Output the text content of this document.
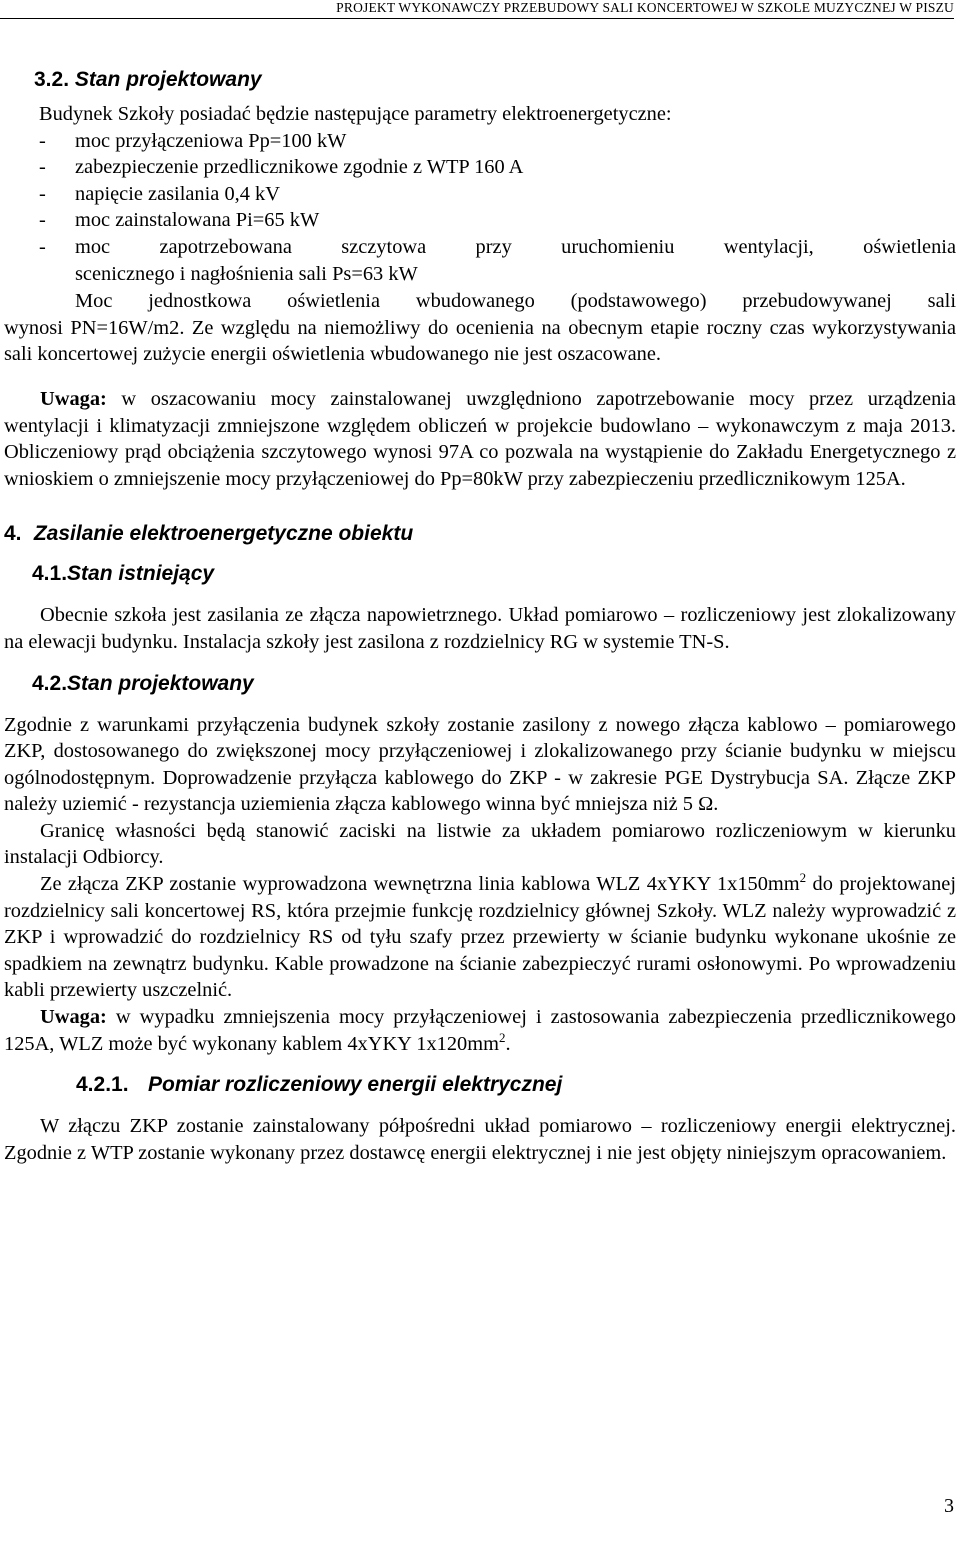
PROJEKT WYKONAWCZY PRZEBUDOWY SALI KONCERTOWEJ W SZKOLE MUZYCZNEJ W PISZU
3.2. Stan projektowany

Budynek Szkoły posiadać będzie następujące parametry elektroenergetyczne:

- moc przyłączeniowa Pp=100 kW
- zabezpieczenie przedlicznikowe zgodnie z WTP 160 A
- napięcie zasilania 0,4 kV
- moc zainstalowana Pi=65 kW
- moc zapotrzebowana szczytowa przy uruchomieniu wentylacji, oświetlenia
scenicznego i nagłośnienia sali Ps=63 kW

Moc jednostkowa oświetlenia wbudowanego (podstawowego) przebudowywanej sali
wynosi PN=16W/m2. Ze względu na niemożliwy do ocenienia na obecnym etapie roczny czas wykorzystywania sali koncertowej zużycie energii oświetlenia wbudowanego nie jest oszacowane.

Uwaga: w oszacowaniu mocy zainstalowanej uwzględniono zapotrzebowanie mocy przez urządzenia wentylacji i klimatyzacji zmniejszone względem obliczeń w projekcie budowlano – wykonawczym z maja 2013. Obliczeniowy prąd obciążenia szczytowego wynosi 97A co pozwala na wystąpienie do Zakładu Energetycznego z wnioskiem o zmniejszenie mocy przyłączeniowej do Pp=80kW przy zabezpieczeniu przedlicznikowym 125A.

4. Zasilanie elektroenergetyczne obiektu
4.1.Stan istniejący

Obecnie szkoła jest zasilania ze złącza napowietrznego. Układ pomiarowo – rozliczeniowy jest zlokalizowany na elewacji budynku. Instalacja szkoły jest zasilona z rozdzielnicy RG w systemie TN-S.

4.2.Stan projektowany

Zgodnie z warunkami przyłączenia budynek szkoły zostanie zasilony z nowego złącza kablowo – pomiarowego ZKP, dostosowanego do zwiększonej mocy przyłączeniowej i zlokalizowanego przy ścianie budynku w miejscu ogólnodostępnym. Doprowadzenie przyłącza kablowego do ZKP - w zakresie PGE Dystrybucja SA. Złącze ZKP należy uziemić - rezystancja uziemienia złącza kablowego winna być mniejsza niż 5 Ω.

Granicę własności będą stanowić zaciski na listwie za układem pomiarowo rozliczeniowym w kierunku instalacji Odbiorcy.

Ze złącza ZKP zostanie wyprowadzona wewnętrzna linia kablowa WLZ 4xYKY $1x150mm^2$ do projektowanej rozdzielnicy sali koncertowej RS, która przejmie funkcję rozdzielnicy głównej Szkoły. WLZ należy wyprowadzić z ZKP i wprowadzić do rozdzielnicy RS od tyłu szafy przez przewierty w ścianie budynku wykonane ukośnie ze spadkiem na zewnątrz budynku. Kable prowadzone na ścianie zabezpieczyć rurami osłonowymi. Po wprowadzeniu kabli przewierty uszczelnić.

Uwaga: w wypadku zmniejszenia mocy przyłączeniowej i zastosowania zabezpieczenia przedlicznikowego 125A, WLZ może być wykonany kablem 4xYKY $1x120mm^2$.

4.2.1. Pomiar rozliczeniowy energii elektrycznej

W złączu ZKP zostanie zainstalowany półpośredni układ pomiarowo – rozliczeniowy energii elektrycznej. Zgodnie z WTP zostanie wykonany przez dostawcę energii elektrycznej i nie jest objęty niniejszym opracowaniem.

3
